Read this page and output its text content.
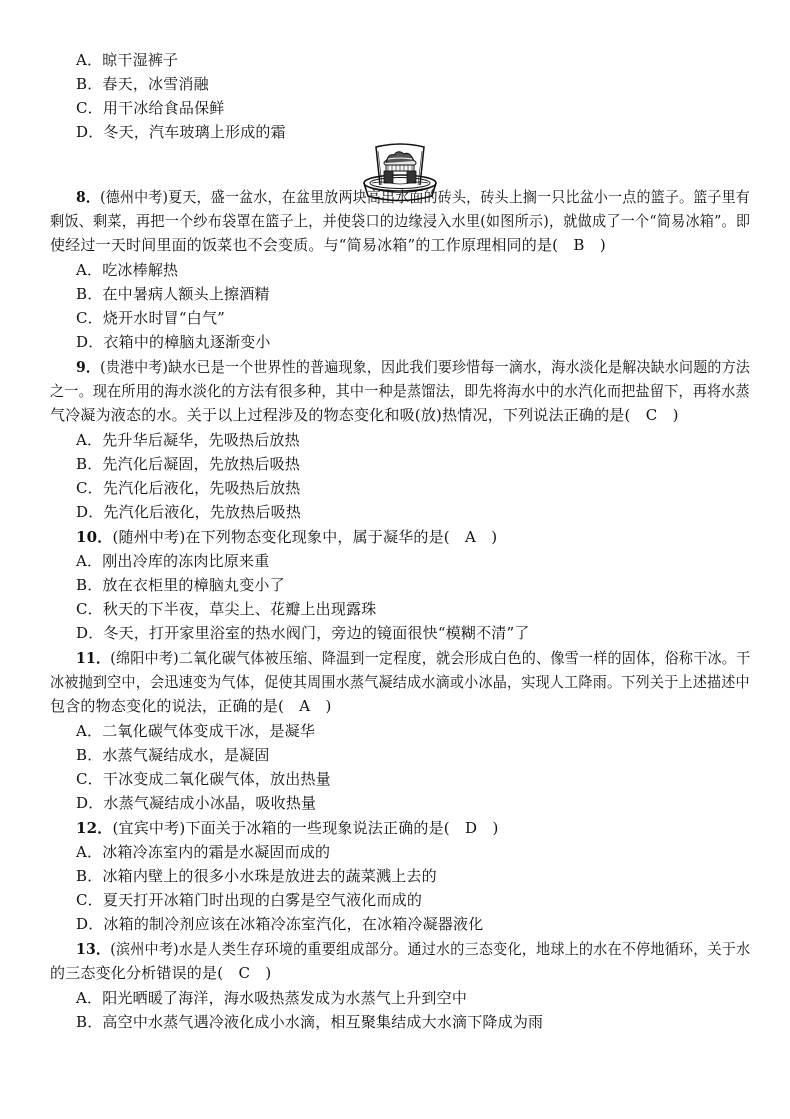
A．晾干湿裤子
B．春天，冰雪消融
C．用干冰给食品保鲜
D．冬天，汽车玻璃上形成的霜
8．(德州中考)夏天，盛一盆水，在盆里放两块高出水面的砖头，砖头上搁一只比盆小一点的篮子。篮子里有
剩饭、剩菜，再把一个纱布袋罩在篮子上，并使袋口的边缘浸入水里(如图所示)，就做成了一个“简易冰箱”。即
使经过一天时间里面的饭菜也不会变质。与“简易冰箱”的工作原理相同的是(　B　)
A．吃冰棒解热
B．在中暑病人额头上擦酒精
C．烧开水时冒“白气”
D．衣箱中的樟脑丸逐渐变小
9．(贵港中考)缺水已是一个世界性的普遍现象，因此我们要珍惜每一滴水，海水淡化是解决缺水问题的方法
之一。现在所用的海水淡化的方法有很多种，其中一种是蒸馏法，即先将海水中的水汽化而把盐留下，再将水蒸
气冷凝为液态的水。关于以上过程涉及的物态变化和吸(放)热情况，下列说法正确的是(　C　)
A．先升华后凝华，先吸热后放热
B．先汽化后凝固，先放热后吸热
C．先汽化后液化，先吸热后放热
D．先汽化后液化，先放热后吸热
10．(随州中考)在下列物态变化现象中，属于凝华的是(　A　)
A．刚出冷库的冻肉比原来重
B．放在衣柜里的樟脑丸变小了
C．秋天的下半夜，草尖上、花瓣上出现露珠
D．冬天，打开家里浴室的热水阀门，旁边的镜面很快“模糊不清”了
11．(绵阳中考)二氧化碳气体被压缩、降温到一定程度，就会形成白色的、像雪一样的固体，俗称干冰。干
冰被抛到空中，会迅速变为气体，促使其周围水蒸气凝结成水滴或小冰晶，实现人工降雨。下列关于上述描述中
包含的物态变化的说法，正确的是(　A　)
A．二氧化碳气体变成干冰，是凝华
B．水蒸气凝结成水，是凝固
C．干冰变成二氧化碳气体，放出热量
D．水蒸气凝结成小冰晶，吸收热量
12．(宜宾中考)下面关于冰箱的一些现象说法正确的是(　D　)
A．冰箱冷冻室内的霜是水凝固而成的
B．冰箱内壁上的很多小水珠是放进去的蔬菜溅上去的
C．夏天打开冰箱门时出现的白雾是空气液化而成的
D．冰箱的制冷剂应该在冰箱冷冻室汽化，在冰箱冷凝器液化
13．(滨州中考)水是人类生存环境的重要组成部分。通过水的三态变化，地球上的水在不停地循环，关于水
的三态变化分析错误的是(　C　)
A．阳光晒暖了海洋，海水吸热蒸发成为水蒸气上升到空中
B．高空中水蒸气遇冷液化成小水滴，相互聚集结成大水滴下降成为雨
